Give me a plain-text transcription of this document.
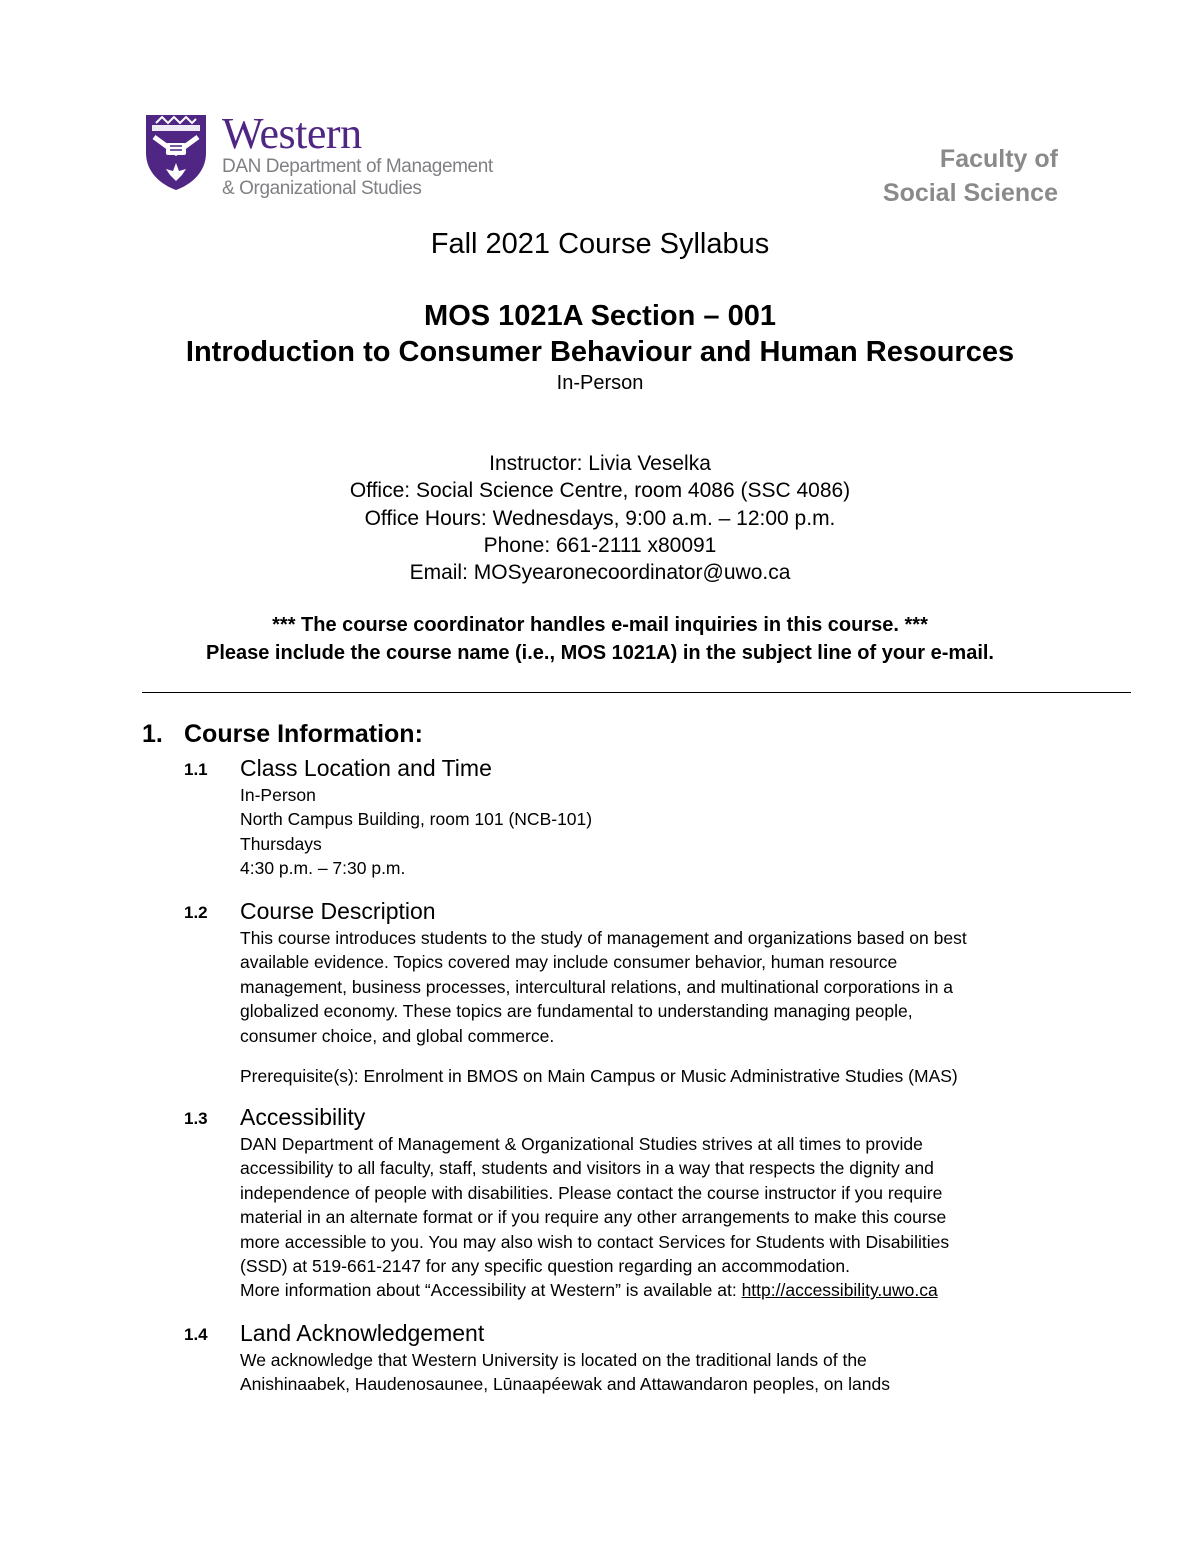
Western
DAN Department of Management
& Organizational Studies
Faculty of
Social Science
Fall 2021 Course Syllabus
MOS 1021A Section – 001
Introduction to Consumer Behaviour and Human Resources
In-Person
Instructor: Livia Veselka
Office: Social Science Centre, room 4086 (SSC 4086)
Office Hours: Wednesdays, 9:00 a.m. – 12:00 p.m.
Phone: 661-2111 x80091
Email: MOSyearonecoordinator@uwo.ca
*** The course coordinator handles e-mail inquiries in this course. ***
Please include the course name (i.e., MOS 1021A) in the subject line of your e-mail.
1. Course Information:
1.1 Class Location and Time

In-Person

North Campus Building, room 101 (NCB-101)

Thursdays

4:30 p.m. – 7:30 p.m.

1.2 Course Description

This course introduces students to the study of management and organizations based on best

available evidence. Topics covered may include consumer behavior, human resource

management, business processes, intercultural relations, and multinational corporations in a

globalized economy. These topics are fundamental to understanding managing people,

consumer choice, and global commerce.

Prerequisite(s): Enrolment in BMOS on Main Campus or Music Administrative Studies (MAS)
1.3 Accessibility

DAN Department of Management & Organizational Studies strives at all times to provide

accessibility to all faculty, staff, students and visitors in a way that respects the dignity and

independence of people with disabilities. Please contact the course instructor if you require

material in an alternate format or if you require any other arrangements to make this course

more accessible to you. You may also wish to contact Services for Students with Disabilities

(SSD) at 519-661-2147 for any specific question regarding an accommodation.

More information about “Accessibility at Western” is available at: http://accessibility.uwo.ca

1.4 Land Acknowledgement

We acknowledge that Western University is located on the traditional lands of the

Anishinaabek, Haudenosaunee, Lūnaapéewak and Attawandaron peoples, on lands
